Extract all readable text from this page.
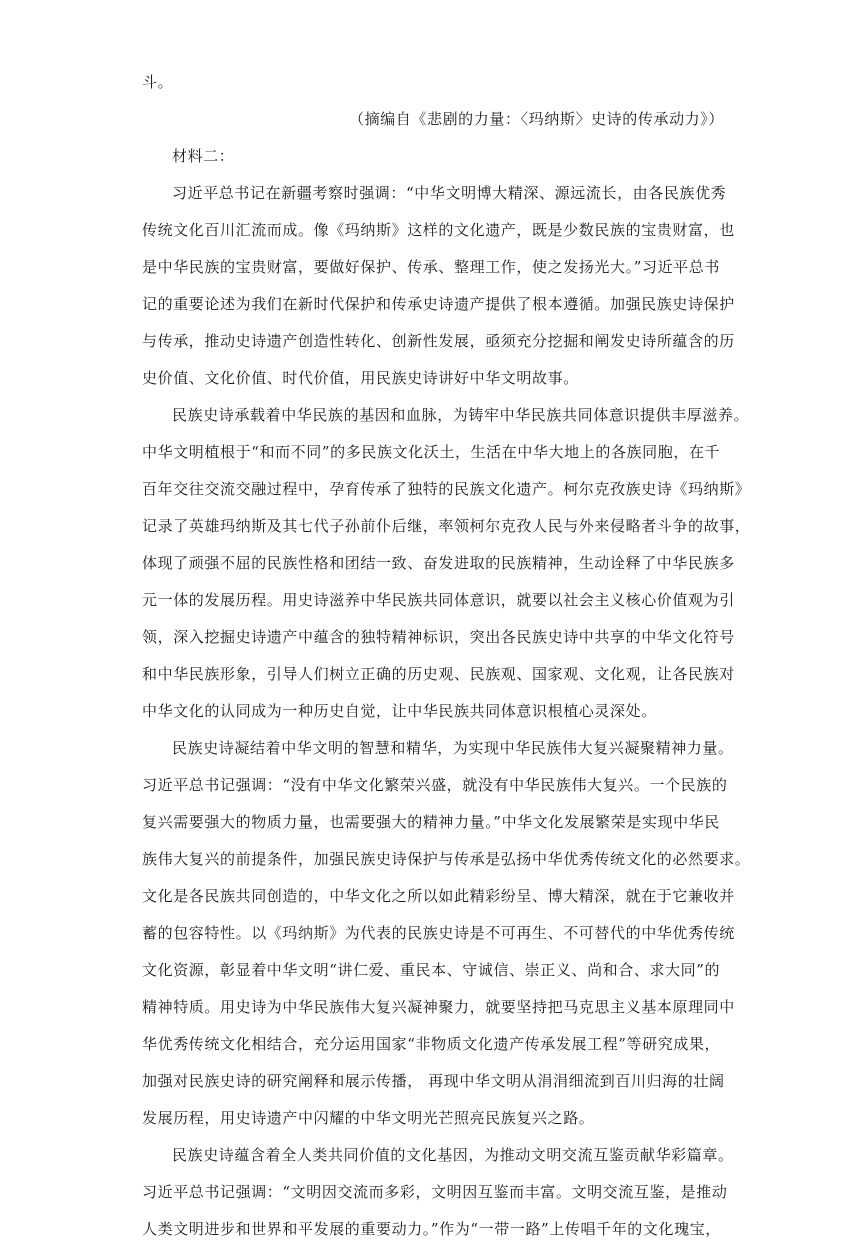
斗。
（摘编自《悲剧的力量：〈玛纳斯〉史诗的传承动力》）
材料二：
习近平总书记在新疆考察时强调：“中华文明博大精深、源远流长，由各民族优秀
传统文化百川汇流而成。像《玛纳斯》这样的文化遗产，既是少数民族的宝贵财富，也
是中华民族的宝贵财富，要做好保护、传承、整理工作，使之发扬光大。”习近平总书
记的重要论述为我们在新时代保护和传承史诗遗产提供了根本遵循。加强民族史诗保护
与传承，推动史诗遗产创造性转化、创新性发展，亟须充分挖掘和阐发史诗所蕴含的历
史价值、文化价值、时代价值，用民族史诗讲好中华文明故事。
民族史诗承载着中华民族的基因和血脉，为铸牢中华民族共同体意识提供丰厚滋养。
中华文明植根于“和而不同”的多民族文化沃土，生活在中华大地上的各族同胞，在千
百年交往交流交融过程中，孕育传承了独特的民族文化遗产。柯尔克孜族史诗《玛纳斯》
记录了英雄玛纳斯及其七代子孙前仆后继，率领柯尔克孜人民与外来侵略者斗争的故事，
体现了顽强不屈的民族性格和团结一致、奋发进取的民族精神，生动诠释了中华民族多
元一体的发展历程。用史诗滋养中华民族共同体意识，就要以社会主义核心价值观为引
领，深入挖掘史诗遗产中蕴含的独特精神标识，突出各民族史诗中共享的中华文化符号
和中华民族形象，引导人们树立正确的历史观、民族观、国家观、文化观，让各民族对
中华文化的认同成为一种历史自觉，让中华民族共同体意识根植心灵深处。
民族史诗凝结着中华文明的智慧和精华，为实现中华民族伟大复兴凝聚精神力量。
习近平总书记强调：“没有中华文化繁荣兴盛，就没有中华民族伟大复兴。一个民族的
复兴需要强大的物质力量，也需要强大的精神力量。”中华文化发展繁荣是实现中华民
族伟大复兴的前提条件，加强民族史诗保护与传承是弘扬中华优秀传统文化的必然要求。
文化是各民族共同创造的，中华文化之所以如此精彩纷呈、博大精深，就在于它兼收并
蓄的包容特性。以《玛纳斯》为代表的民族史诗是不可再生、不可替代的中华优秀传统
文化资源，彰显着中华文明“讲仁爱、重民本、守诚信、崇正义、尚和合、求大同”的
精神特质。用史诗为中华民族伟大复兴凝神聚力，就要坚持把马克思主义基本原理同中
华优秀传统文化相结合，充分运用国家“非物质文化遗产传承发展工程”等研究成果，
加强对民族史诗的研究阐释和展示传播， 再现中华文明从涓涓细流到百川归海的壮阔
发展历程，用史诗遗产中闪耀的中华文明光芒照亮民族复兴之路。
民族史诗蕴含着全人类共同价值的文化基因，为推动文明交流互鉴贡献华彩篇章。
习近平总书记强调：“文明因交流而多彩，文明因互鉴而丰富。文明交流互鉴，是推动
人类文明进步和世界和平发展的重要动力。”作为“一带一路”上传唱千年的文化瑰宝，
